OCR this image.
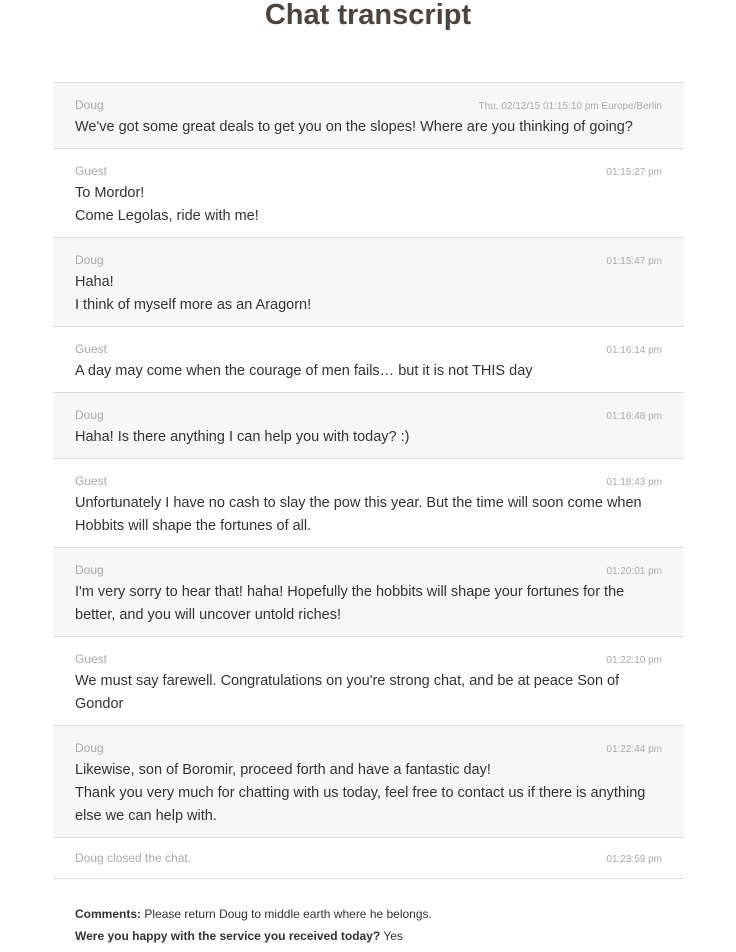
Chat transcript
Doug	Thu, 02/12/15 01:15:10 pm Europe/Berlin
We've got some great deals to get you on the slopes! Where are you thinking of going?
Guest	01:15:27 pm
To Mordor!
Come Legolas, ride with me!
Doug	01:15:47 pm
Haha!
I think of myself more as an Aragorn!
Guest	01:16:14 pm
A day may come when the courage of men fails… but it is not THIS day
Doug	01:16:48 pm
Haha! Is there anything I can help you with today? :)
Guest	01:18:43 pm
Unfortunately I have no cash to slay the pow this year. But the time will soon come when Hobbits will shape the fortunes of all.
Doug	01:20:01 pm
I'm very sorry to hear that! haha! Hopefully the hobbits will shape your fortunes for the better, and you will uncover untold riches!
Guest	01:22:10 pm
We must say farewell. Congratulations on you're strong chat, and be at peace Son of Gondor
Doug	01:22:44 pm
Likewise, son of Boromir, proceed forth and have a fantastic day!
Thank you very much for chatting with us today, feel free to contact us if there is anything else we can help with.
Doug closed the chat.	01:23:59 pm
Comments: Please return Doug to middle earth where he belongs.
Were you happy with the service you received today? Yes
